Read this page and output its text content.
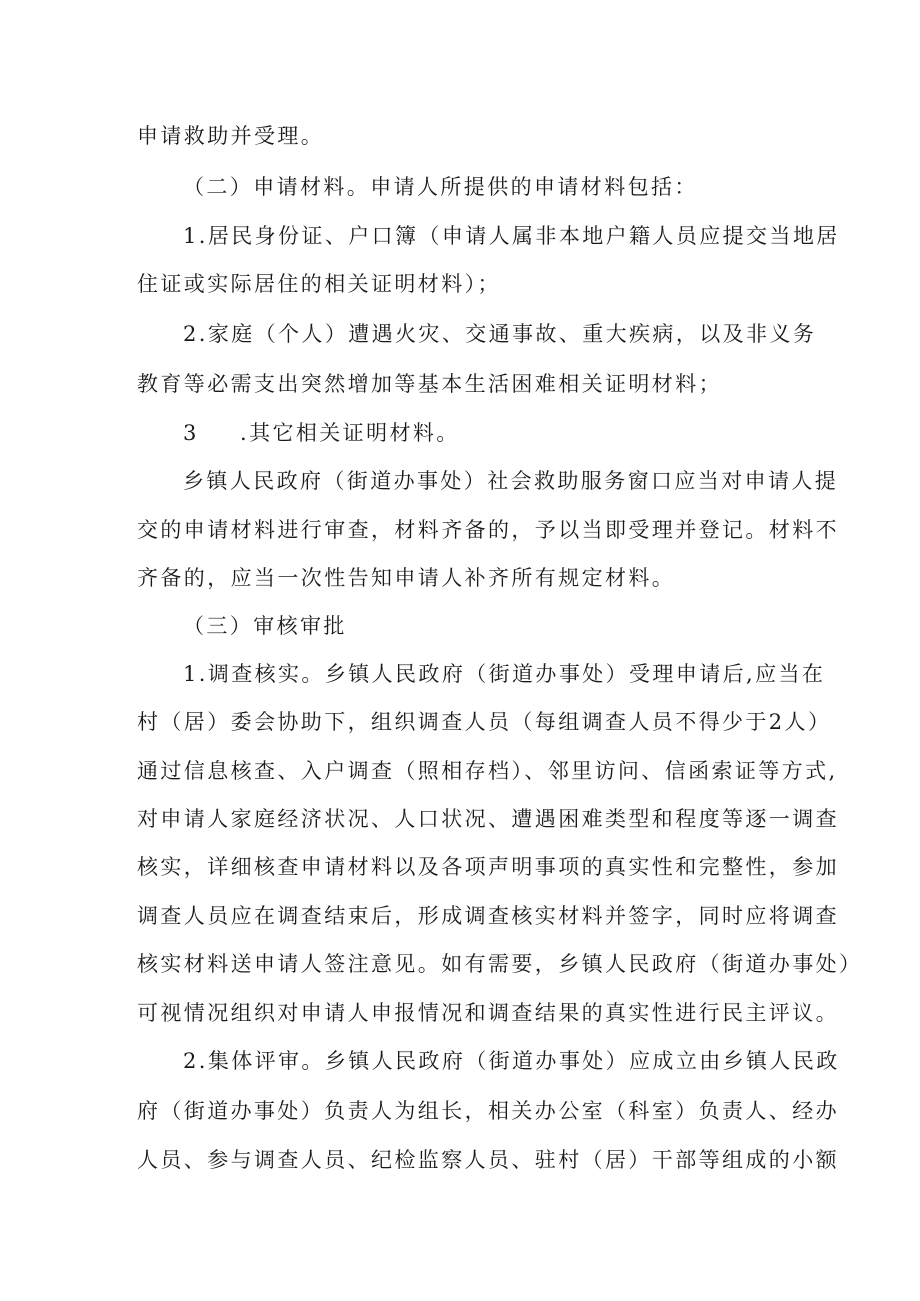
申请救助并受理。
（二）申请材料。申请人所提供的申请材料包括：
1.居民身份证、户口簿（申请人属非本地户籍人员应提交当地居
住证或实际居住的相关证明材料）；
2.家庭（个人）遭遇火灾、交通事故、重大疾病，以及非义务
教育等必需支出突然增加等基本生活困难相关证明材料；
3 .其它相关证明材料。
乡镇人民政府（街道办事处）社会救助服务窗口应当对申请人提
交的申请材料进行审查，材料齐备的，予以当即受理并登记。材料不
齐备的，应当一次性告知申请人补齐所有规定材料。
（三）审核审批
1.调查核实。乡镇人民政府（街道办事处）受理申请后,应当在
村（居）委会协助下，组织调查人员（每组调查人员不得少于2人）
通过信息核查、入户调查（照相存档）、邻里访问、信函索证等方式,
对申请人家庭经济状况、人口状况、遭遇困难类型和程度等逐一调查
核实，详细核查申请材料以及各项声明事项的真实性和完整性，参加
调查人员应在调查结束后，形成调查核实材料并签字，同时应将调查
核实材料送申请人签注意见。如有需要，乡镇人民政府（街道办事处）
可视情况组织对申请人申报情况和调查结果的真实性进行民主评议。
2.集体评审。乡镇人民政府（街道办事处）应成立由乡镇人民政
府（街道办事处）负责人为组长，相关办公室（科室）负责人、经办
人员、参与调查人员、纪检监察人员、驻村（居）干部等组成的小额
